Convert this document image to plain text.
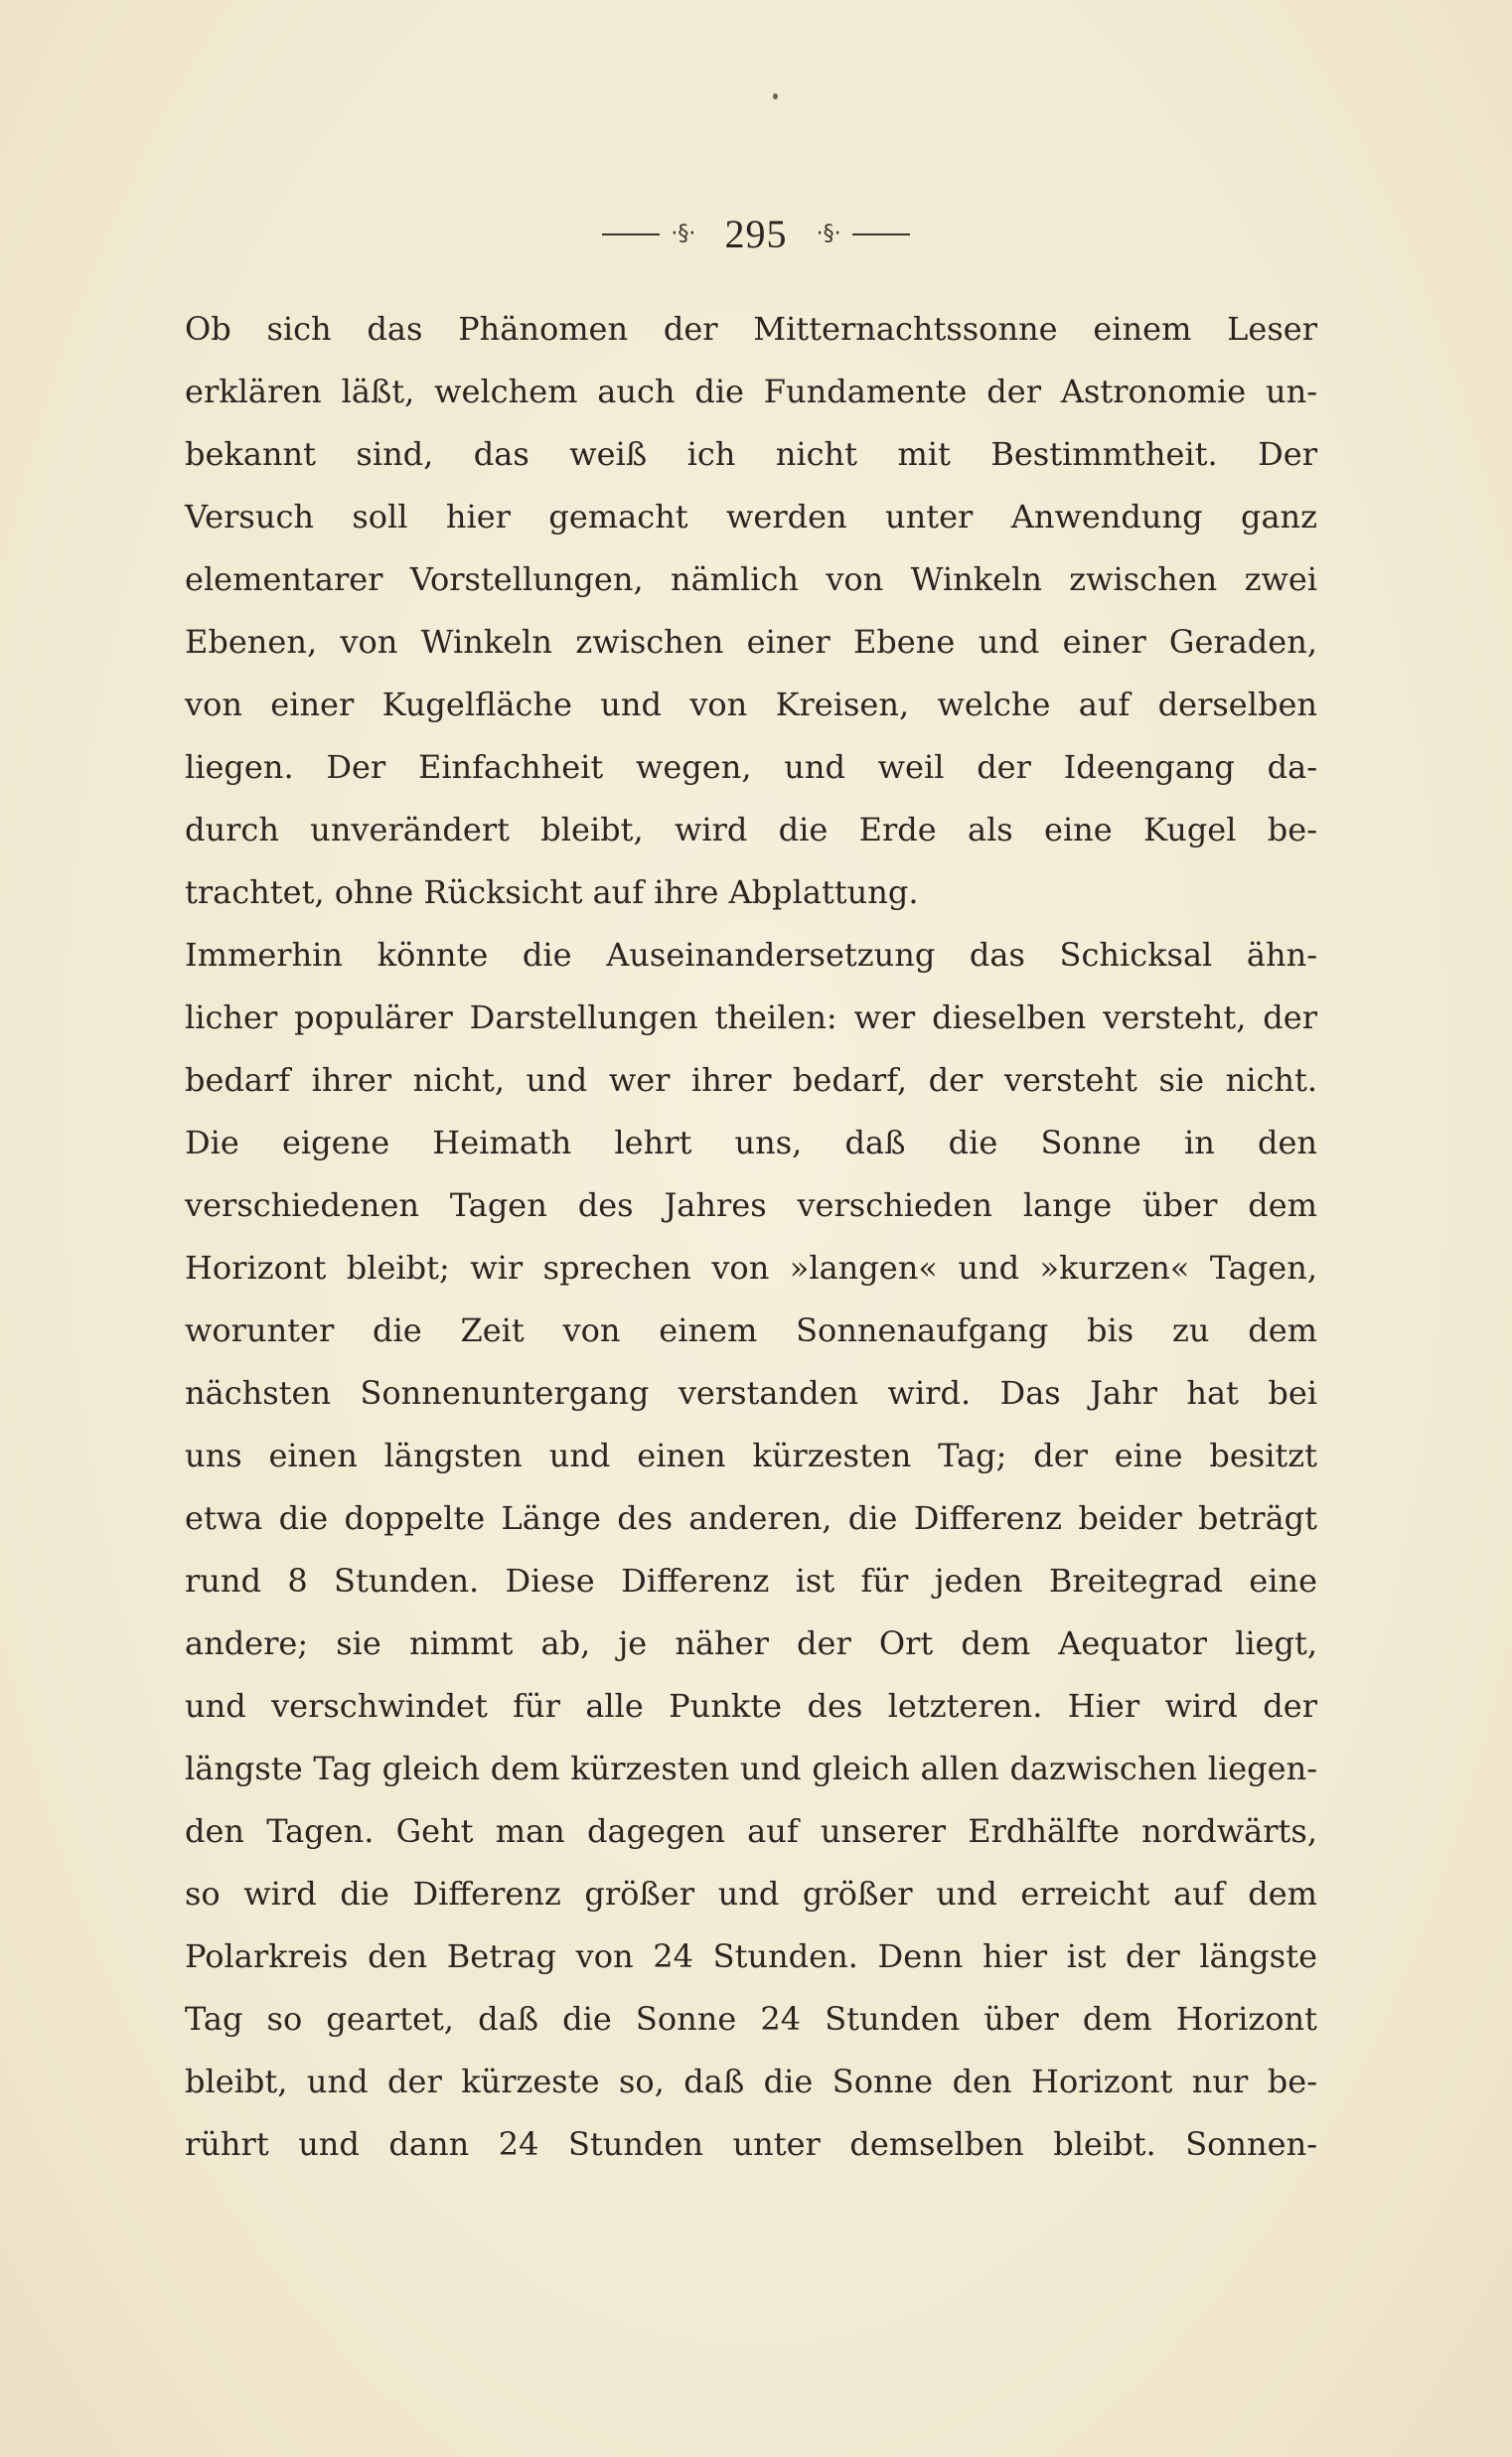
·§· 295 ·§·
Ob sich das Phänomen der Mitternachtssonne einem Leser
erklären läßt, welchem auch die Fundamente der Astronomie un-
bekannt sind, das weiß ich nicht mit Bestimmtheit. Der
Versuch soll hier gemacht werden unter Anwendung ganz
elementarer Vorstellungen, nämlich von Winkeln zwischen zwei
Ebenen, von Winkeln zwischen einer Ebene und einer Geraden,
von einer Kugelfläche und von Kreisen, welche auf derselben
liegen. Der Einfachheit wegen, und weil der Ideengang da-
durch unverändert bleibt, wird die Erde als eine Kugel be-
trachtet, ohne Rücksicht auf ihre Abplattung.
Immerhin könnte die Auseinandersetzung das Schicksal ähn-
licher populärer Darstellungen theilen: wer dieselben versteht, der
bedarf ihrer nicht, und wer ihrer bedarf, der versteht sie nicht.
Die eigene Heimath lehrt uns, daß die Sonne in den
verschiedenen Tagen des Jahres verschieden lange über dem
Horizont bleibt; wir sprechen von »langen« und »kurzen« Tagen,
worunter die Zeit von einem Sonnenaufgang bis zu dem
nächsten Sonnenuntergang verstanden wird. Das Jahr hat bei
uns einen längsten und einen kürzesten Tag; der eine besitzt
etwa die doppelte Länge des anderen, die Differenz beider beträgt
rund 8 Stunden. Diese Differenz ist für jeden Breitegrad eine
andere; sie nimmt ab, je näher der Ort dem Aequator liegt,
und verschwindet für alle Punkte des letzteren. Hier wird der
längste Tag gleich dem kürzesten und gleich allen dazwischen liegen-
den Tagen. Geht man dagegen auf unserer Erdhälfte nordwärts,
so wird die Differenz größer und größer und erreicht auf dem
Polarkreis den Betrag von 24 Stunden. Denn hier ist der längste
Tag so geartet, daß die Sonne 24 Stunden über dem Horizont
bleibt, und der kürzeste so, daß die Sonne den Horizont nur be-
rührt und dann 24 Stunden unter demselben bleibt. Sonnen-
